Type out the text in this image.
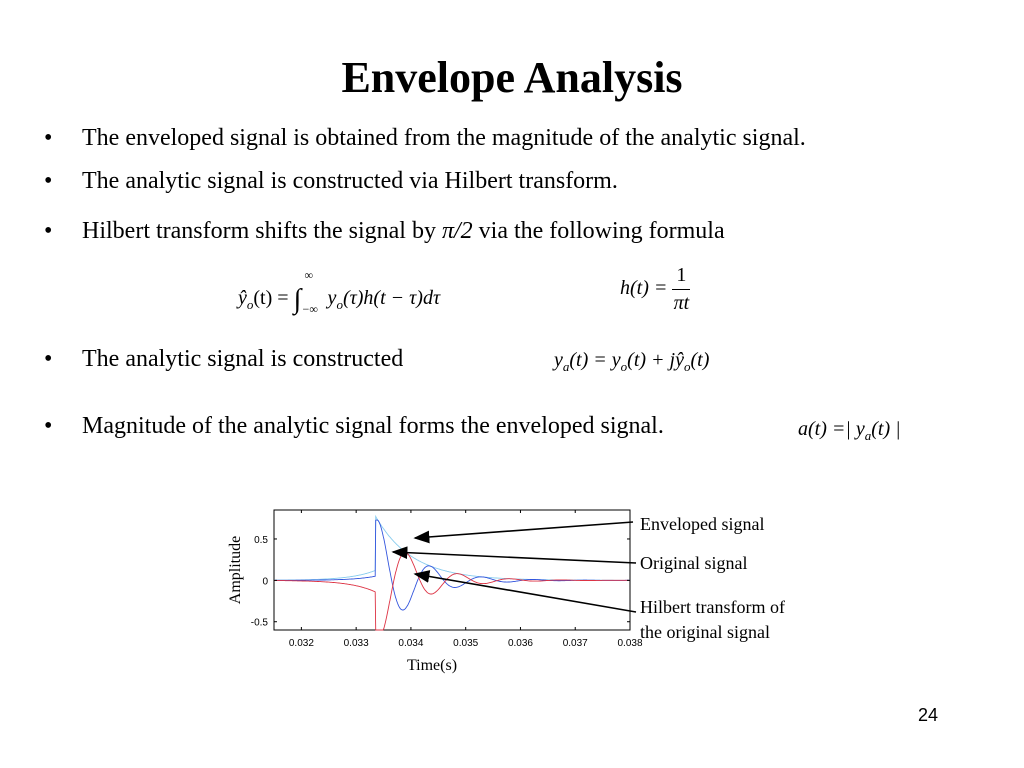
Envelope Analysis
• The enveloped signal is obtained from the magnitude of the analytic signal.
• The analytic signal is constructed via Hilbert transform.
• Hilbert transform shifts the signal by π/2 via the following formula
• The analytic signal is constructed
• Magnitude of the analytic signal forms the enveloped signal.
$ŷ_o(t)$ = ∫
∞
−∞ $y_o(\tau)h(t - \tau)d\tau$	$h(t) = \frac{1}{\pi t}$
$y_a(t) = y_o(t)$ + $jŷ_o(t)$
a(t) =| $y_a(t)$ |
0.032	0.033	0.034	0.035	0.036	0.037	0.038
0.5
0
-0.5
Time(s)
Amplitude
Enveloped signal
Original signal
Hilbert transform of
the original signal
24
